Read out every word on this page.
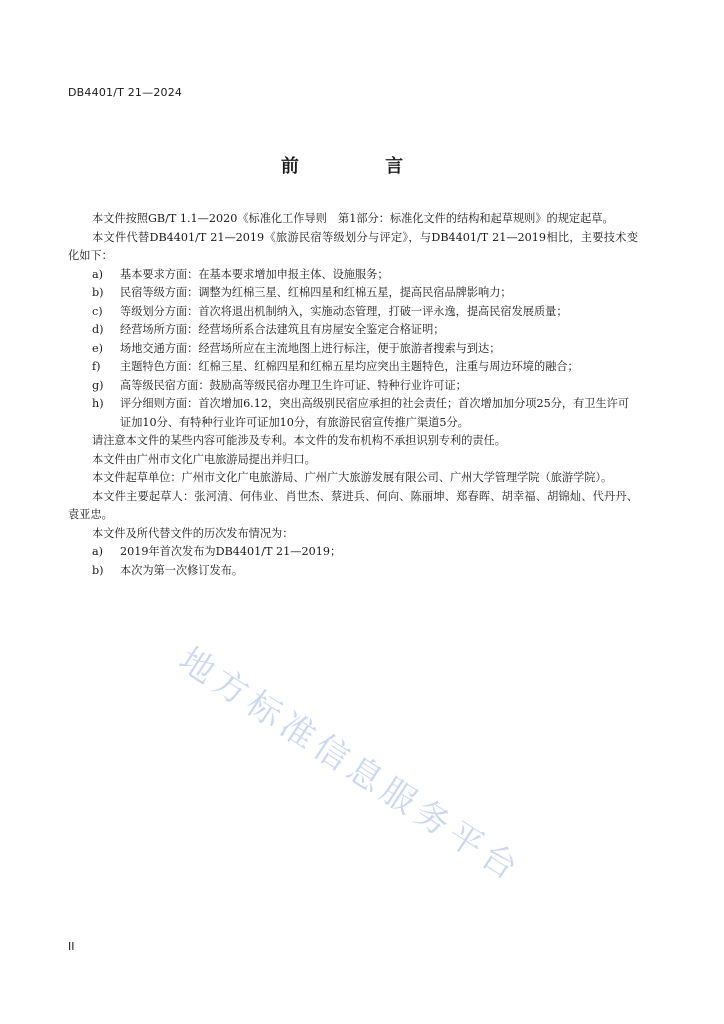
DB4401/T 21—2024
前 言

本文件按照GB/T 1.1—2020《标准化工作导则　第1部分：标准化文件的结构和起草规则》的规定起草。

本文件代替DB4401/T 21—2019《旅游民宿等级划分与评定》，与DB4401/T 21—2019相比，主要技术变化如下：

a)	基本要求方面：在基本要求增加申报主体、设施服务；
b)	民宿等级方面：调整为红棉三星、红棉四星和红棉五星，提高民宿品牌影响力；
c)	等级划分方面：首次将退出机制纳入，实施动态管理，打破一评永逸，提高民宿发展质量；
d)	经营场所方面：经营场所系合法建筑且有房屋安全鉴定合格证明；
e)	场地交通方面：经营场所应在主流地图上进行标注，便于旅游者搜索与到达；
f)	主题特色方面：红棉三星、红棉四星和红棉五星均应突出主题特色，注重与周边环境的融合；
g)	高等级民宿方面：鼓励高等级民宿办理卫生许可证、特种行业许可证；
h)	评分细则方面：首次增加6.12，突出高级别民宿应承担的社会责任；首次增加加分项25分，有卫生许可证加10分、有特种行业许可证加10分，有旅游民宿宣传推广渠道5分。

请注意本文件的某些内容可能涉及专利。本文件的发布机构不承担识别专利的责任。

本文件由广州市文化广电旅游局提出并归口。

本文件起草单位：广州市文化广电旅游局、广州广大旅游发展有限公司、广州大学管理学院（旅游学院）。

本文件主要起草人：张河清、何伟业、肖世杰、蔡进兵、何向、陈丽坤、郑春晖、胡幸福、胡锦灿、代丹丹、袁亚忠。

本文件及所代替文件的历次发布情况为：

a)	2019年首次发布为DB4401/T 21—2019；
b)	本次为第一次修订发布。
地方标准信息服务平台
II
